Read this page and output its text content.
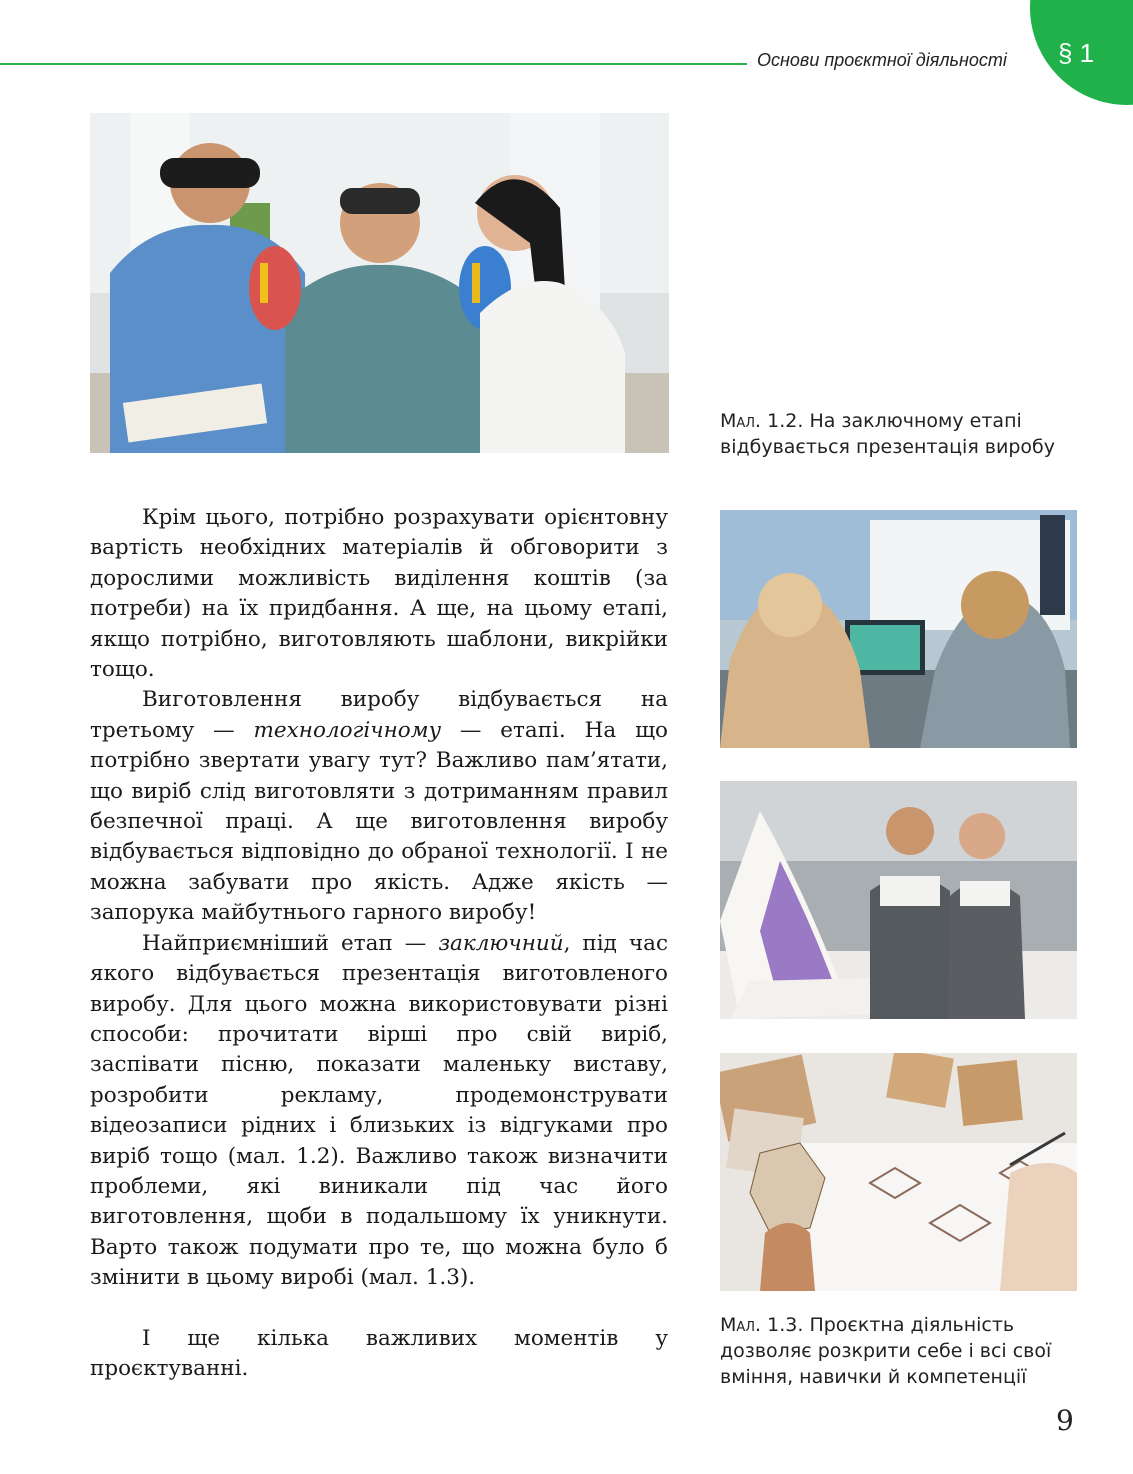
Основи проєктної діяльності	§ 1
Мал. 1.2. На заключному етапі відбувається презентація виробу
Мал. 1.3. Проєктна діяльність дозволяє розкрити себе і всі свої вміння, навички й компетенції

Крім цього, потрібно розрахувати орієнтовну вартість необхідних матеріалів й обговорити з дорослими можливість виділення коштів (за потреби) на їх придбання. А ще, на цьому етапі, якщо потрібно, виготовляють шаблони, викрійки тощо.

Виготовлення виробу відбувається на третьому — технологічному — етапі. На що потрібно звертати увагу тут? Важливо пам’ятати, що виріб слід виготовляти з дотриманням правил безпечної праці. А ще виготовлення виробу відбувається відповідно до обраної технології. І не можна забувати про якість. Адже якість — запорука майбутнього гарного виробу!

Найприємніший етап — заключний, під час якого відбувається презентація виготовленого виробу. Для цього можна використовувати різні способи: прочитати вірші про свій виріб, заспівати пісню, показати маленьку виставу, розробити рекламу, продемонструвати відеозаписи рідних і близьких із відгуками про виріб тощо (мал. 1.2). Важливо також визначити проблеми, які виникали під час його виготовлення, щоби в подальшому їх уникнути. Варто також подумати про те, що можна було б змінити в цьому виробі (мал. 1.3).

І ще кілька важливих моментів у проєктуванні.

9
